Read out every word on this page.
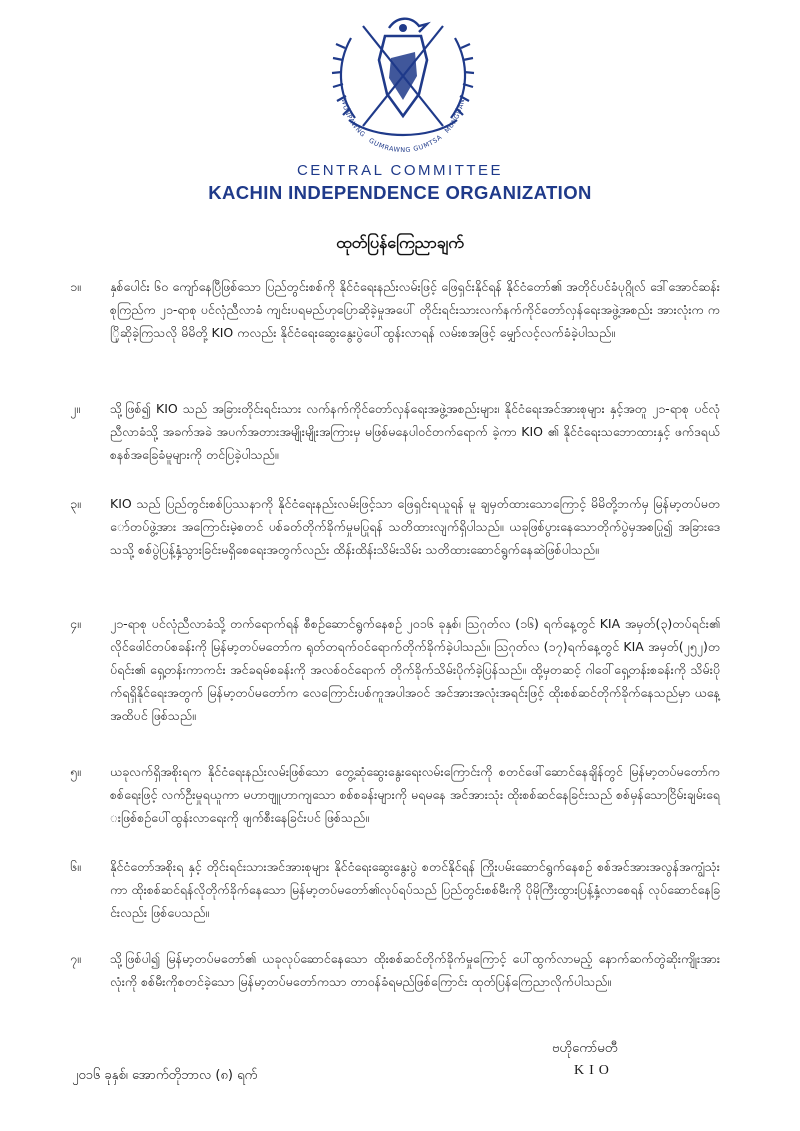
WUNPAWNG GUMRAWNG GUMTSA MUNGDAN
CENTRAL COMMITTEE
KACHIN INDEPENDENCE ORGANIZATION
ထုတ်ပြန်ကြေညာချက်
၁။	နှစ်ပေါင်း ၆၀ ကျော်နေပြီဖြစ်သော ပြည်တွင်းစစ်ကို နိုင်ငံရေးနည်းလမ်းဖြင့် ဖြေရှင်းနိုင်ရန် နိုင်ငံတော်၏ အတိုင်ပင်ခံပုဂ္ဂိုလ် ဒေါ်အောင်ဆန်းစုကြည်က ၂၁-ရာစု ပင်လုံညီလာခံ ကျင်းပရမည်ဟုပြောဆိုခဲ့မှုအပေါ် တိုင်းရင်းသားလက်နက်ကိုင်တော်လှန်ရေးအဖွဲ့အစည်း အားလုံးက ကြိုဆိုခဲ့ကြသလို မိမိတို့ KIO ကလည်း နိုင်ငံရေးဆွေးနွေးပွဲပေါ်ထွန်းလာရန် လမ်းစအဖြင့် မျှော်လင့်လက်ခံခဲ့ပါသည်။
၂။	သို့ဖြစ်၍ KIO သည် အခြားတိုင်းရင်းသား လက်နက်ကိုင်တော်လှန်ရေးအဖွဲ့အစည်းများ၊ နိုင်ငံရေးအင်အားစုများ နှင့်အတူ ၂၁-ရာစု ပင်လုံညီလာခံသို့ အခက်အခဲ အပက်အတားအမျိုးမျိုးအကြားမှ မဖြစ်မနေပါဝင်တက်ရောက် ခဲ့ကာ KIO ၏ နိုင်ငံရေးသဘောထားနှင့် ဖက်ဒရယ်စနစ်အခြေခံမူများကို တင်ပြခဲ့ပါသည်။
၃။	KIO သည် ပြည်တွင်းစစ်ပြဿနာကို နိုင်ငံရေးနည်းလမ်းဖြင့်သာ ဖြေရှင်းရယူရန် မူ ချမှတ်ထားသောကြောင့် မိမိတို့ဘက်မှ မြန်မာ့တပ်မတော်တပ်ဖွဲ့အား အကြောင်းမဲ့စတင် ပစ်ခတ်တိုက်ခိုက်မှုမပြုရန် သတိထားလျက်ရှိပါသည်။ ယခုဖြစ်ပွားနေသောတိုက်ပွဲမှအစပြု၍ အခြားဒေသသို့ စစ်ပွဲပြန့်နှံ့သွားခြင်းမရှိစေရေးအတွက်လည်း ထိန်းထိန်းသိမ်းသိမ်း သတိထားဆောင်ရွက်နေဆဲဖြစ်ပါသည်။
၄။	၂၁-ရာစု ပင်လုံညီလာခံသို့ တက်ရောက်ရန် စီစဉ်ဆောင်ရွက်နေစဉ် ၂၀၁၆ ခုနှစ်၊ ဩဂုတ်လ (၁၆) ရက်နေ့တွင် KIA အမှတ်(၃)တပ်ရင်း၏ လိုင်ဖေါင်တပ်စခန်းကို မြန်မာ့တပ်မတော်က ရုတ်တရက်ဝင်ရောက်တိုက်ခိုက်ခဲ့ပါသည်။ ဩဂုတ်လ (၁၇)ရက်နေ့တွင် KIA အမှတ်(၂၅၂)တပ်ရင်း၏ ရှေ့တန်းကာကင်း အင်ခရမ်စခန်းကို အလစ်ဝင်ရောက် တိုက်ခိုက်သိမ်းပိုက်ခဲ့ပြန်သည်။ ထို့မှတဆင့် ဂါဝေါ်ရှေ့တန်းစခန်းကို သိမ်းပိုက်ရရှိနိုင်ရေးအတွက် မြန်မာ့တပ်မတော်က လေကြောင်းပစ်ကူအပါအဝင် အင်အားအလုံးအရင်းဖြင့် ထိုးစစ်ဆင်တိုက်ခိုက်နေသည်မှာ ယနေ့အထိပင် ဖြစ်သည်။
၅။	ယခုလက်ရှိအစိုးရက နိုင်ငံရေးနည်းလမ်းဖြစ်သော တွေ့ဆုံဆွေးနွေးရေးလမ်းကြောင်းကို စတင်ဖေါ်ဆောင်နေချိန်တွင် မြန်မာ့တပ်မတော်က စစ်ရေးဖြင့် လက်ဦးမှုရယူကာ မဟာဗျူဟာကျသော စစ်စခန်းများကို မရမနေ အင်အားသုံး ထိုးစစ်ဆင်နေခြင်းသည် စစ်မှန်သောငြိမ်းချမ်းရေးဖြစ်စဉ်ပေါ်ထွန်းလာရေးကို ဖျက်စီးနေခြင်းပင် ဖြစ်သည်။
၆။	နိုင်ငံတော်အစိုးရ နှင့် တိုင်းရင်းသားအင်အားစုများ နိုင်ငံရေးဆွေးနွေးပွဲ စတင်နိုင်ရန် ကြိုးပမ်းဆောင်ရွက်နေစဉ် စစ်အင်အားအလွန်အကျွံသုံးကာ ထိုးစစ်ဆင်ရန်လိုတိုက်ခိုက်နေသော မြန်မာ့တပ်မတော်၏လုပ်ရပ်သည် ပြည်တွင်းစစ်မီးကို ပိုမိုကြီးထွားပြန့်နှံ့လာစေရန် လုပ်ဆောင်နေခြင်းလည်း ဖြစ်ပေသည်။
၇။	သို့ဖြစ်ပါ၍ မြန်မာ့တပ်မတော်၏ ယခုလုပ်ဆောင်နေသော ထိုးစစ်ဆင်တိုက်ခိုက်မှုကြောင့် ပေါ်ထွက်လာမည့် နောက်ဆက်တွဲဆိုးကျိုးအားလုံးကို စစ်မီးကိုစတင်ခဲ့သော မြန်မာ့တပ်မတော်ကသာ တာဝန်ခံရမည်ဖြစ်ကြောင်း ထုတ်ပြန်ကြေညာလိုက်ပါသည်။
ဗဟိုကော်မတီ
KIO
၂၀၁၆ ခုနှစ်၊ အောက်တိုဘာလ (၈) ရက်
